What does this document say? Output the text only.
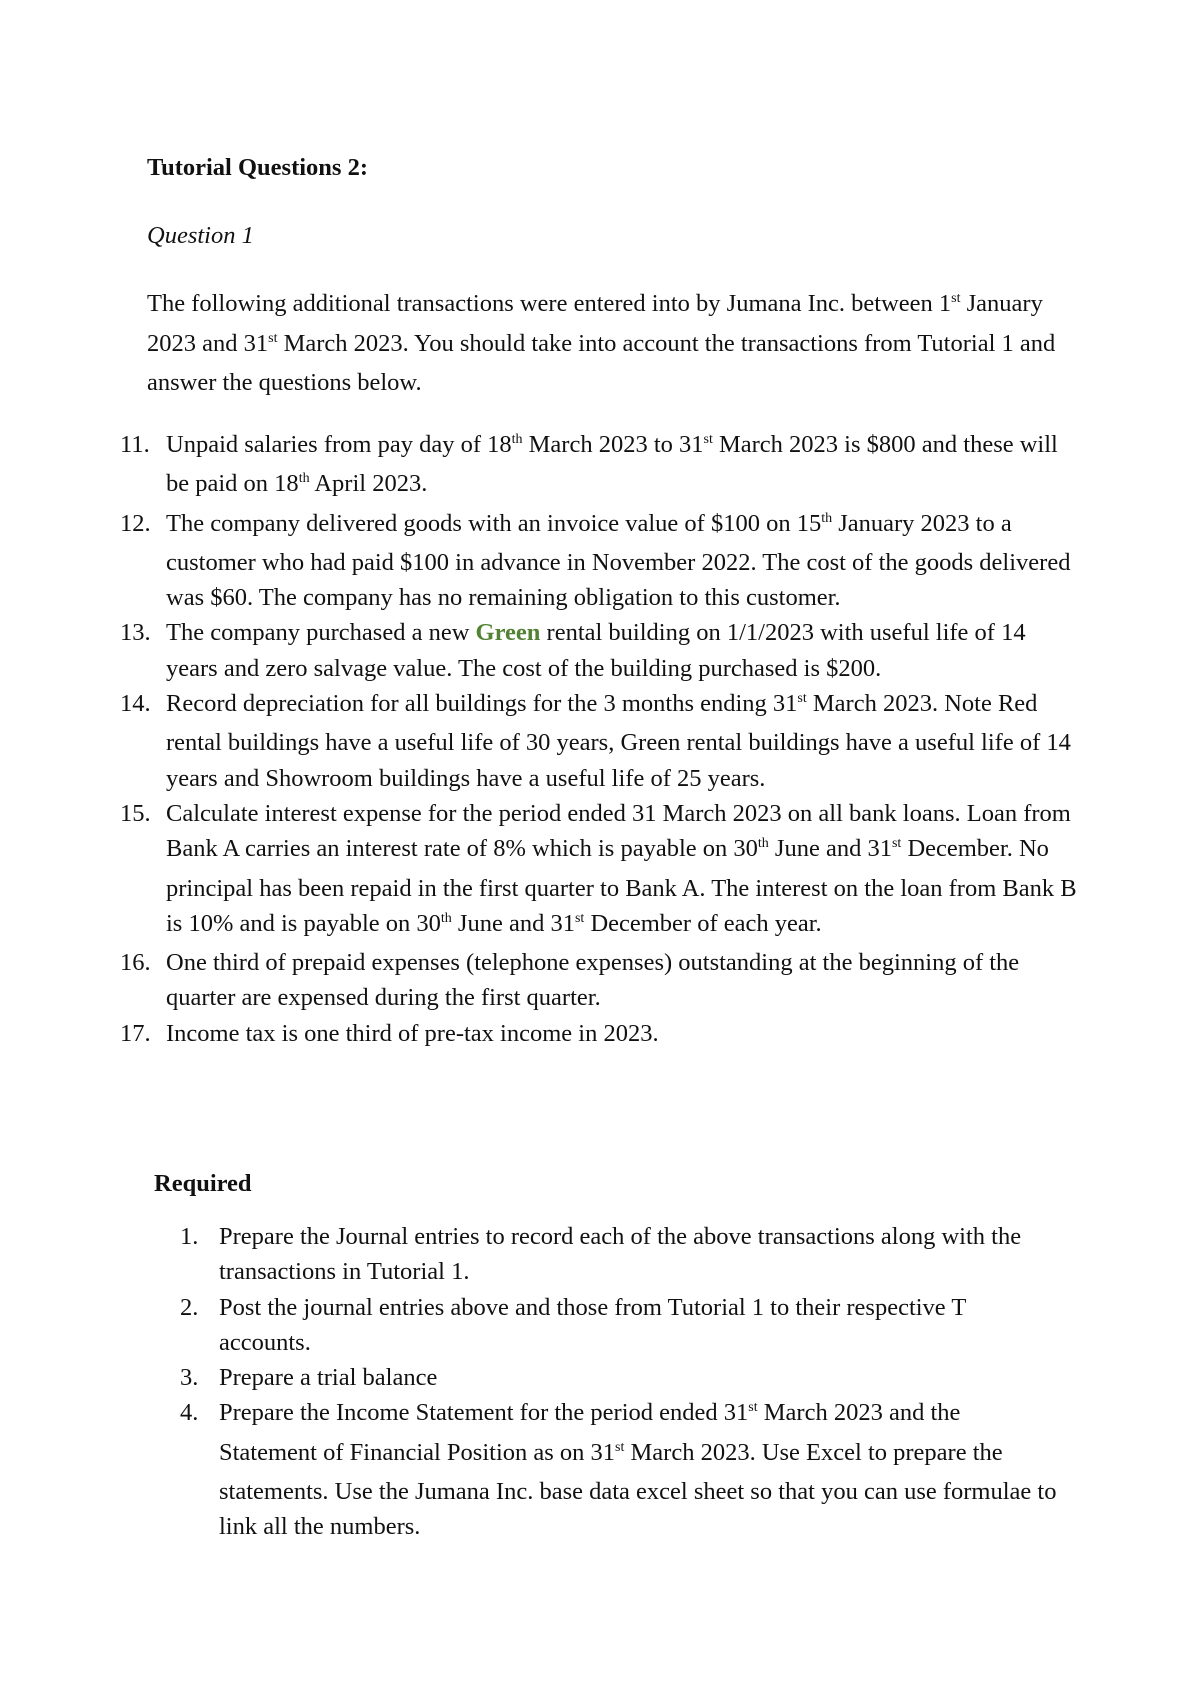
Tutorial Questions 2:

Question 1

The following additional transactions were entered into by Jumana Inc. between 1st January 2023 and 31st March 2023. You should take into account the transactions from Tutorial 1 and answer the questions below.

11. Unpaid salaries from pay day of 18th March 2023 to 31st March 2023 is $800 and these will be paid on 18th April 2023.
12. The company delivered goods with an invoice value of $100 on 15th January 2023 to a customer who had paid $100 in advance in November 2022. The cost of the goods delivered was $60. The company has no remaining obligation to this customer.
13. The company purchased a new Green rental building on 1/1/2023 with useful life of 14 years and zero salvage value. The cost of the building purchased is $200.
14. Record depreciation for all buildings for the 3 months ending 31st March 2023. Note Red rental buildings have a useful life of 30 years, Green rental buildings have a useful life of 14 years and Showroom buildings have a useful life of 25 years.
15. Calculate interest expense for the period ended 31 March 2023 on all bank loans. Loan from Bank A carries an interest rate of 8% which is payable on 30th June and 31st December. No principal has been repaid in the first quarter to Bank A. The interest on the loan from Bank B is 10% and is payable on 30th June and 31st December of each year.
16. One third of prepaid expenses (telephone expenses) outstanding at the beginning of the quarter are expensed during the first quarter.
17. Income tax is one third of pre-tax income in 2023.

Required

1. Prepare the Journal entries to record each of the above transactions along with the transactions in Tutorial 1.
2. Post the journal entries above and those from Tutorial 1 to their respective T accounts.
3. Prepare a trial balance
4. Prepare the Income Statement for the period ended 31st March 2023 and the Statement of Financial Position as on 31st March 2023. Use Excel to prepare the statements. Use the Jumana Inc. base data excel sheet so that you can use formulae to link all the numbers.
